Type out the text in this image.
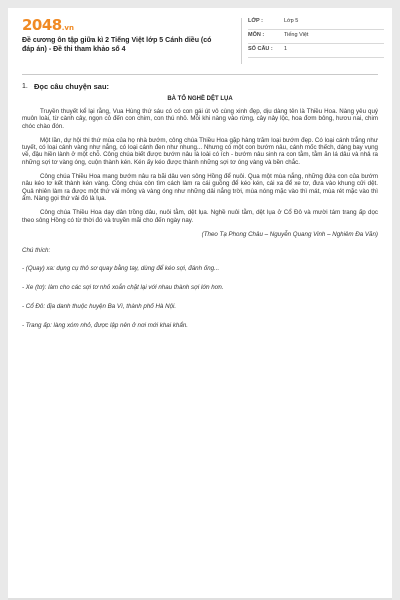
2048.vn
Đề cương ôn tập giữa kì 2 Tiếng Việt lớp 5 Cánh diều (có đáp án) - Đề thi tham khảo số 4
LỚP :	Lớp 5
MÔN :	Tiếng Việt
SỐ CÂU : 1
1. Đọc câu chuyện sau:
BÀ TỔ NGHỀ DỆT LỤA

Truyền thuyết kể lại rằng, Vua Hùng thứ sáu có có con gái út vô cùng xinh đẹp, dịu dàng tên là Thiều Hoa. Nàng yêu quý muôn loài, từ cành cây, ngọn cỏ đến con chim, con thú nhỏ. Mỗi khi nàng vào rừng, cây nảy lộc, hoa đơm bông, hươu nai, chim chóc chào đón.

Một lần, dự hội thi thứ mùa của họ nhà bướm, công chúa Thiều Hoa gặp hàng trăm loại bướm đẹp. Có loại cánh trắng như tuyết, có loại cánh vàng như nắng, có loại cánh đen như nhung... Nhưng có một con bướm nâu, cánh mốc thếch, dáng bay vụng về, đậu hiền lành ở một chỗ. Công chúa biết được bướm nâu là loài có ích - bướm nâu sinh ra con tằm, tằm ăn lá dâu và nhả ra những sợi tơ vàng óng, cuộn thành kén. Kén ấy kéo được thành những sợi tơ óng vàng và bền chắc.

Công chúa Thiều Hoa mang bướm nâu ra bãi dâu ven sông Hồng để nuôi. Qua một mùa nắng, những đứa con của bướm nâu kéo tơ kết thành kén vàng. Công chúa còn tìm cách làm ra cái guồng để kéo kén, cái xa để xe tơ, đưa vào khung cửi dệt. Quả nhiên làm ra được một thứ vải mỏng và vàng óng như những dải nắng trời, mùa nóng mặc vào thì mát, mùa rét mặc vào thì ấm. Nàng gọi thứ vải đó là lụa.

Công chúa Thiều Hoa dạy dân trồng dâu, nuôi tằm, dệt lụa. Nghề nuôi tằm, dệt lụa ở Cổ Đô và mười tám trang ấp dọc theo sông Hồng có từ thời đó và truyền mãi cho đến ngày nay.

(Theo Tạ Phong Châu – Nguyễn Quang Vinh – Nghiêm Đa Văn)
Chú thích:
- (Quay) xa: dụng cụ thô sơ quay bằng tay, dùng để kéo sợi, đánh ống...
- Xe (tơ): làm cho các sợi tơ nhỏ xoắn chặt lại với nhau thành sợi lớn hơn.
- Cổ Đô: địa danh thuộc huyện Ba Vì, thành phố Hà Nội.
- Trang ấp: làng xóm nhỏ, được lập nên ở nơi mới khai khẩn.
